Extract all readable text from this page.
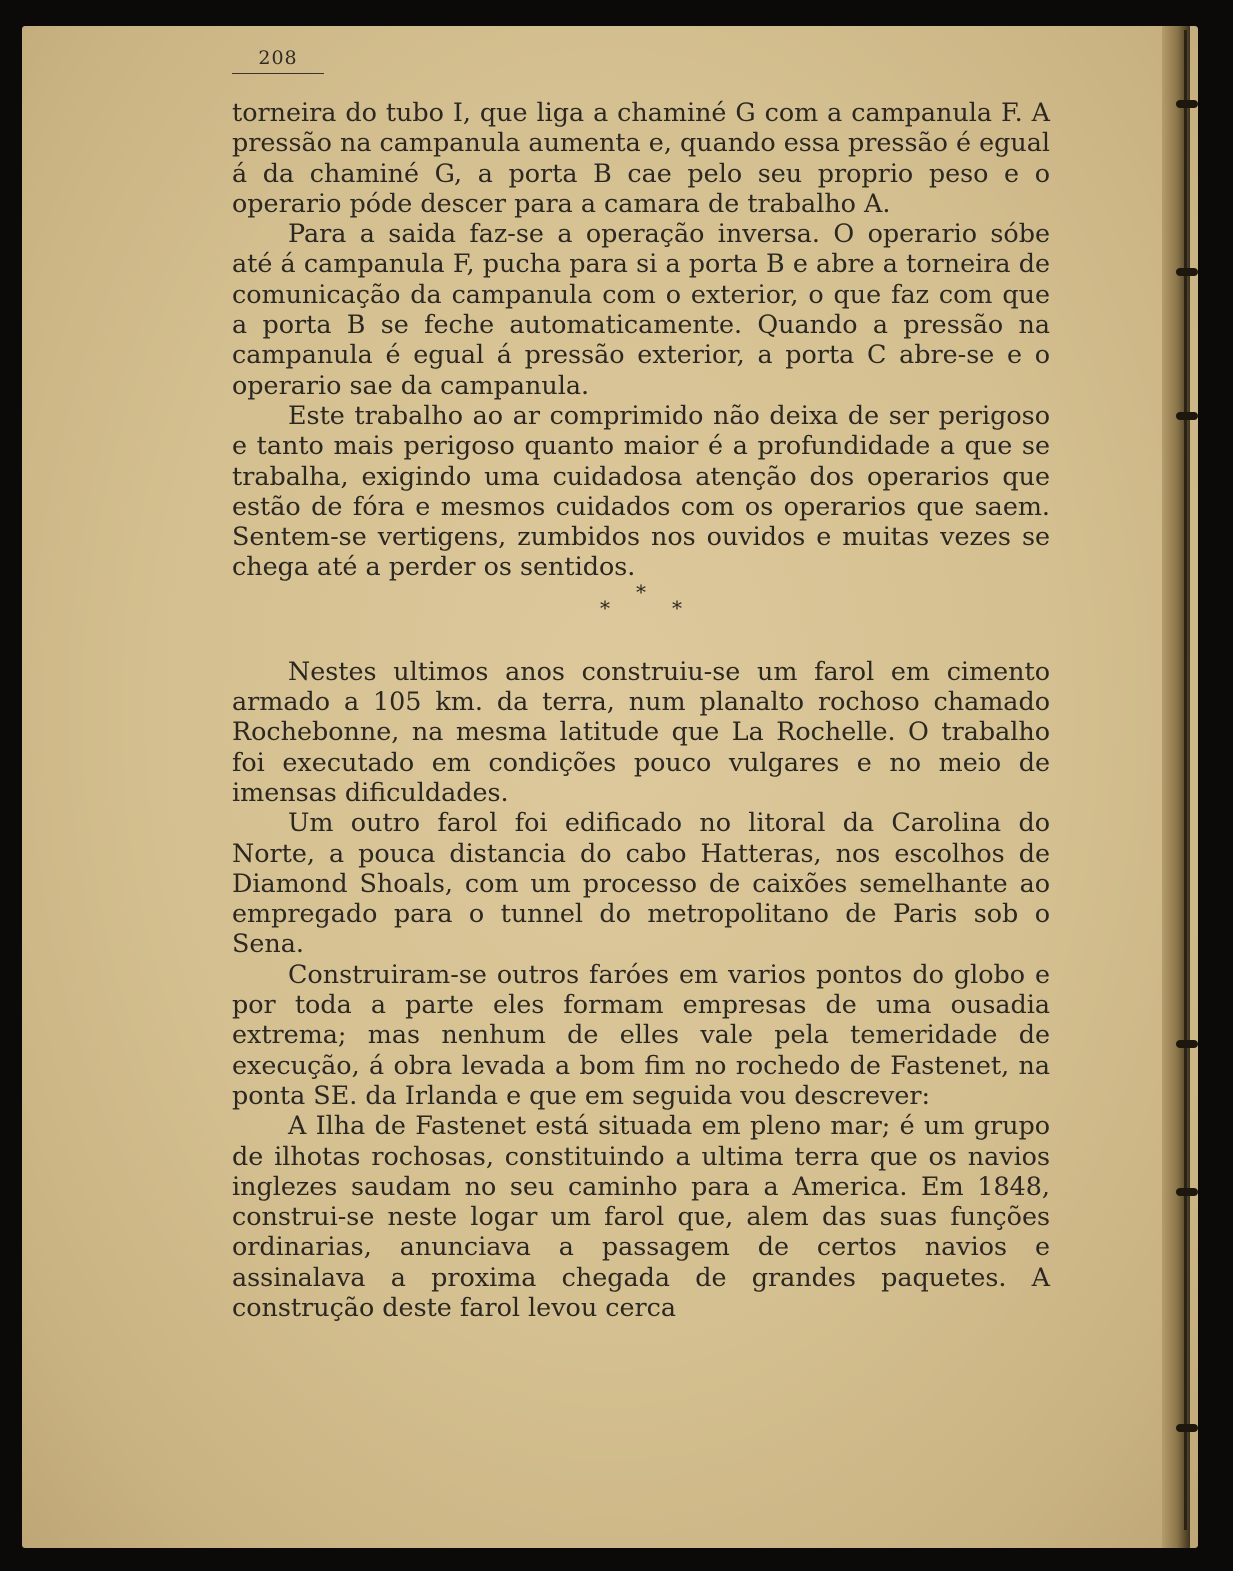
208

torneira do tubo I, que liga a chaminé G com a campanula F. A pressão na campanula aumenta e, quando essa pressão é egual á da chaminé G, a porta B cae pelo seu proprio peso e o operario póde descer para a camara de trabalho A.

Para a saida faz-se a operação inversa. O operario sóbe até á campanula F, pucha para si a porta B e abre a torneira de comunicação da campanula com o exterior, o que faz com que a porta B se feche automaticamente. Quando a pressão na campanula é egual á pressão exterior, a porta C abre-se e o operario sae da campanula.

Este trabalho ao ar comprimido não deixa de ser perigoso e tanto mais perigoso quanto maior é a profundidade a que se trabalha, exigindo uma cuidadosa atenção dos operarios que estão de fóra e mesmos cuidados com os operarios que saem. Sentem-se vertigens, zumbidos nos ouvidos e muitas vezes se chega até a perder os sentidos.

*
*	*

Nestes ultimos anos construiu-se um farol em cimento armado a 105 km. da terra, num planalto rochoso chamado Rochebonne, na mesma latitude que La Rochelle. O trabalho foi executado em condições pouco vulgares e no meio de imensas dificuldades.

Um outro farol foi edificado no litoral da Carolina do Norte, a pouca distancia do cabo Hatteras, nos escolhos de Diamond Shoals, com um processo de caixões semelhante ao empregado para o tunnel do metropolitano de Paris sob o Sena.

Construiram-se outros faróes em varios pontos do globo e por toda a parte eles formam empresas de uma ousadia extrema; mas nenhum de elles vale pela temeridade de execução, á obra levada a bom fim no rochedo de Fastenet, na ponta SE. da Irlanda e que em seguida vou descrever:

A Ilha de Fastenet está situada em pleno mar; é um grupo de ilhotas rochosas, constituindo a ultima terra que os navios inglezes saudam no seu caminho para a America. Em 1848, construi-se neste logar um farol que, alem das suas funções ordinarias, anunciava a passagem de certos navios e assinalava a proxima chegada de grandes paquetes. A construção deste farol levou cerca
